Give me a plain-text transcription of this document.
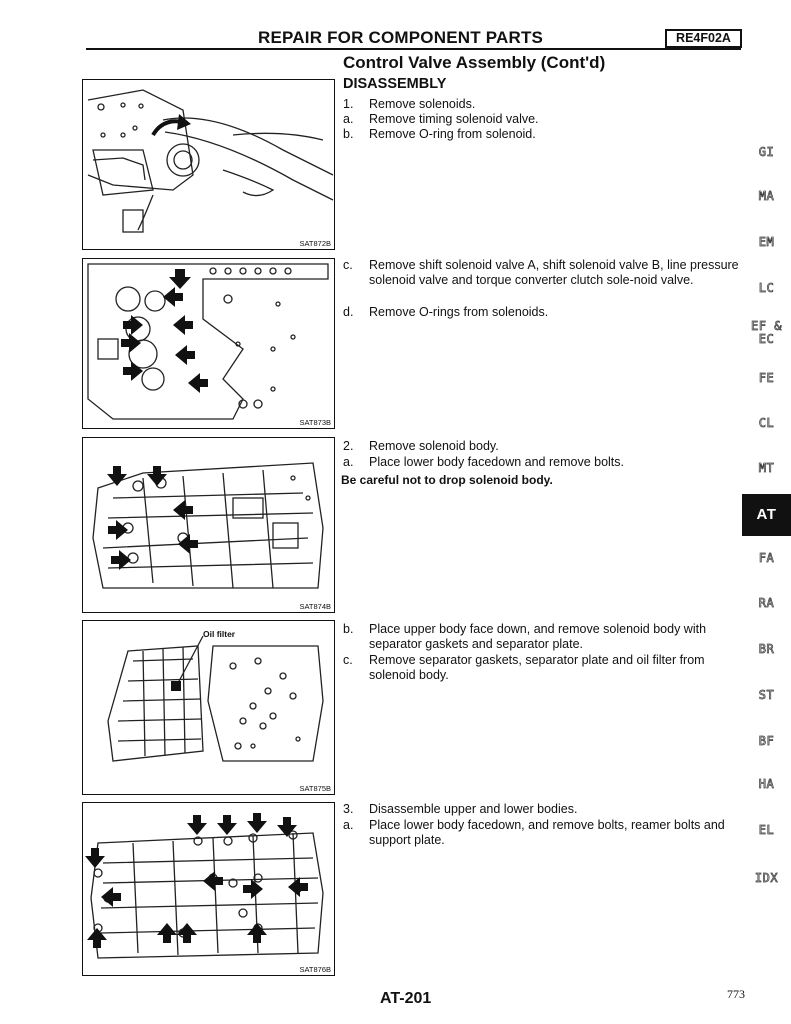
REPAIR FOR COMPONENT PARTS	RE4F02A
Control Valve Assembly (Cont'd)
DISASSEMBLY
SAT872B
SAT873B
SAT874B
Oil filter
SAT875B
SAT876B
1.	Remove solenoids.
a.	Remove timing solenoid valve.
b.	Remove O-ring from solenoid.
c.	Remove shift solenoid valve A, shift solenoid valve B, line pressure solenoid valve and torque converter clutch sole-noid valve.
d.	Remove O-rings from solenoids.
2.	Remove solenoid body.
a.	Place lower body facedown and remove bolts.
Be careful not to drop solenoid body.
b.	Place upper body face down, and remove solenoid body with separator gaskets and separator plate.
c.	Remove separator gaskets, separator plate and oil filter from solenoid body.
3.	Disassemble upper and lower bodies.
a.	Place lower body facedown, and remove bolts, reamer bolts and support plate.
GI
MA
EM
LC
EF &
EC
FE
CL
MT
AT
FA
RA
BR
ST
BF
HA
EL
IDX
AT-201	773
